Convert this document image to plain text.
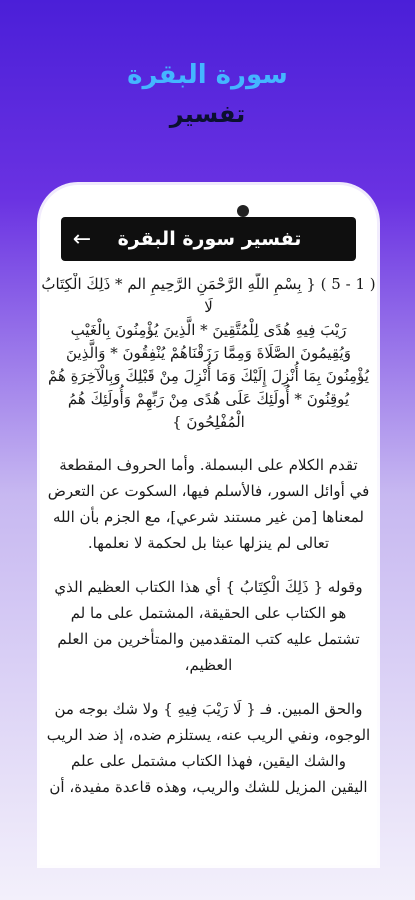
سورة البقرة
تفسير
←	تفسير سورة البقرة

( 1 - 5 ) { بِسْمِ اللَّهِ الرَّحْمَنِ الرَّحِيمِ الم * ذَلِكَ الْكِتَابُ لَا
رَيْبَ فِيهِ هُدًى لِلْمُتَّقِينَ * الَّذِينَ يُؤْمِنُونَ بِالْغَيْبِ
وَيُقِيمُونَ الصَّلَاةَ وَمِمَّا رَزَقْنَاهُمْ يُنْفِقُونَ * وَالَّذِينَ
يُؤْمِنُونَ بِمَا أُنْزِلَ إِلَيْكَ وَمَا أُنْزِلَ مِنْ قَبْلِكَ وَبِالْآخِرَةِ هُمْ
يُوقِنُونَ * أُولَئِكَ عَلَى هُدًى مِنْ رَبِّهِمْ وَأُولَئِكَ هُمُ
الْمُفْلِحُونَ }

تقدم الكلام على البسملة. وأما الحروف المقطعة
في أوائل السور، فالأسلم فيها، السكوت عن التعرض
لمعناها [من غير مستند شرعي]، مع الجزم بأن الله
تعالى لم ينزلها عبثا بل لحكمة لا نعلمها.

وقوله { ذَلِكَ الْكِتَابُ } أي هذا الكتاب العظيم الذي
هو الكتاب على الحقيقة، المشتمل على ما لم
تشتمل عليه كتب المتقدمين والمتأخرين من العلم
العظيم،

والحق المبين. فـ { لَا رَيْبَ فِيهِ } ولا شك بوجه من
الوجوه، ونفي الريب عنه، يستلزم ضده، إذ ضد الريب
والشك اليقين، فهذا الكتاب مشتمل على علم
اليقين المزيل للشك والريب، وهذه قاعدة مفيدة، أن
